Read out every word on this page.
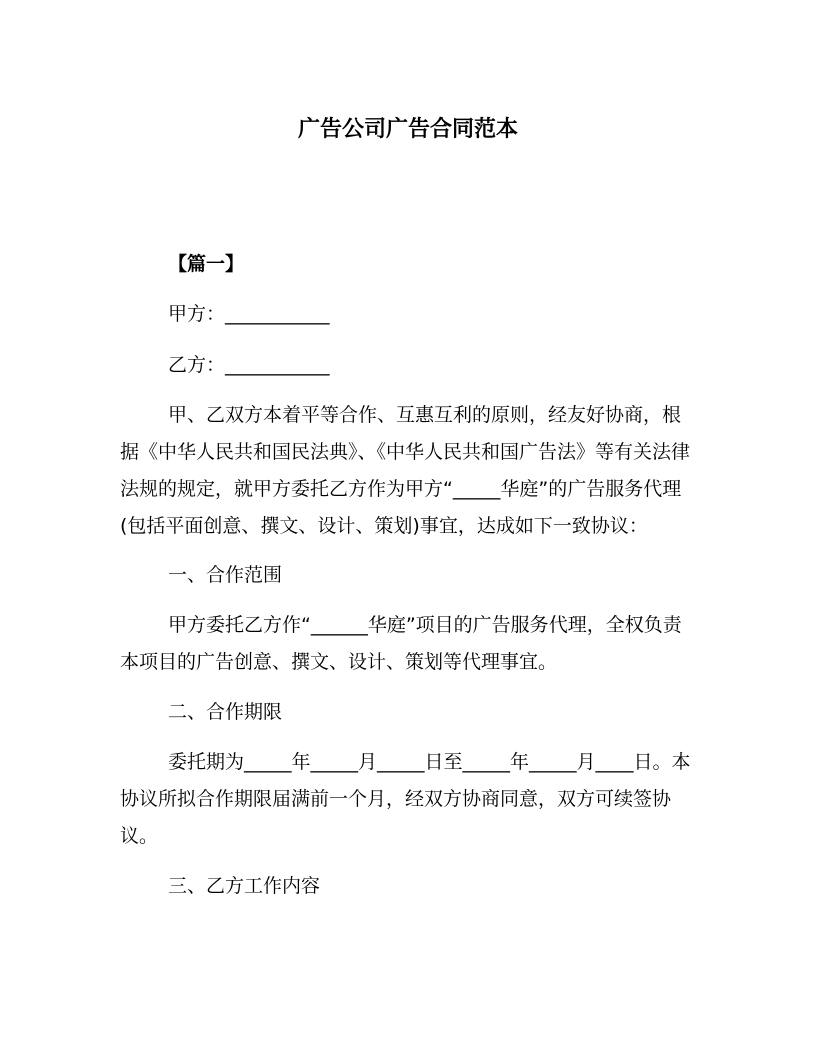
广告公司广告合同范本

【篇一】

甲方：___________

乙方：___________

甲、乙双方本着平等合作、互惠互利的原则，经友好协商，根据《中华人民共和国民法典》、《中华人民共和国广告法》等有关法律法规的规定，就甲方委托乙方作为甲方“_____华庭”的广告服务代理(包括平面创意、撰文、设计、策划)事宜，达成如下一致协议：

一、合作范围

甲方委托乙方作“______华庭”项目的广告服务代理，全权负责本项目的广告创意、撰文、设计、策划等代理事宜。

二、合作期限

委托期为_____年_____月_____日至_____年_____月____日。本协议所拟合作期限届满前一个月，经双方协商同意，双方可续签协议。

三、乙方工作内容
